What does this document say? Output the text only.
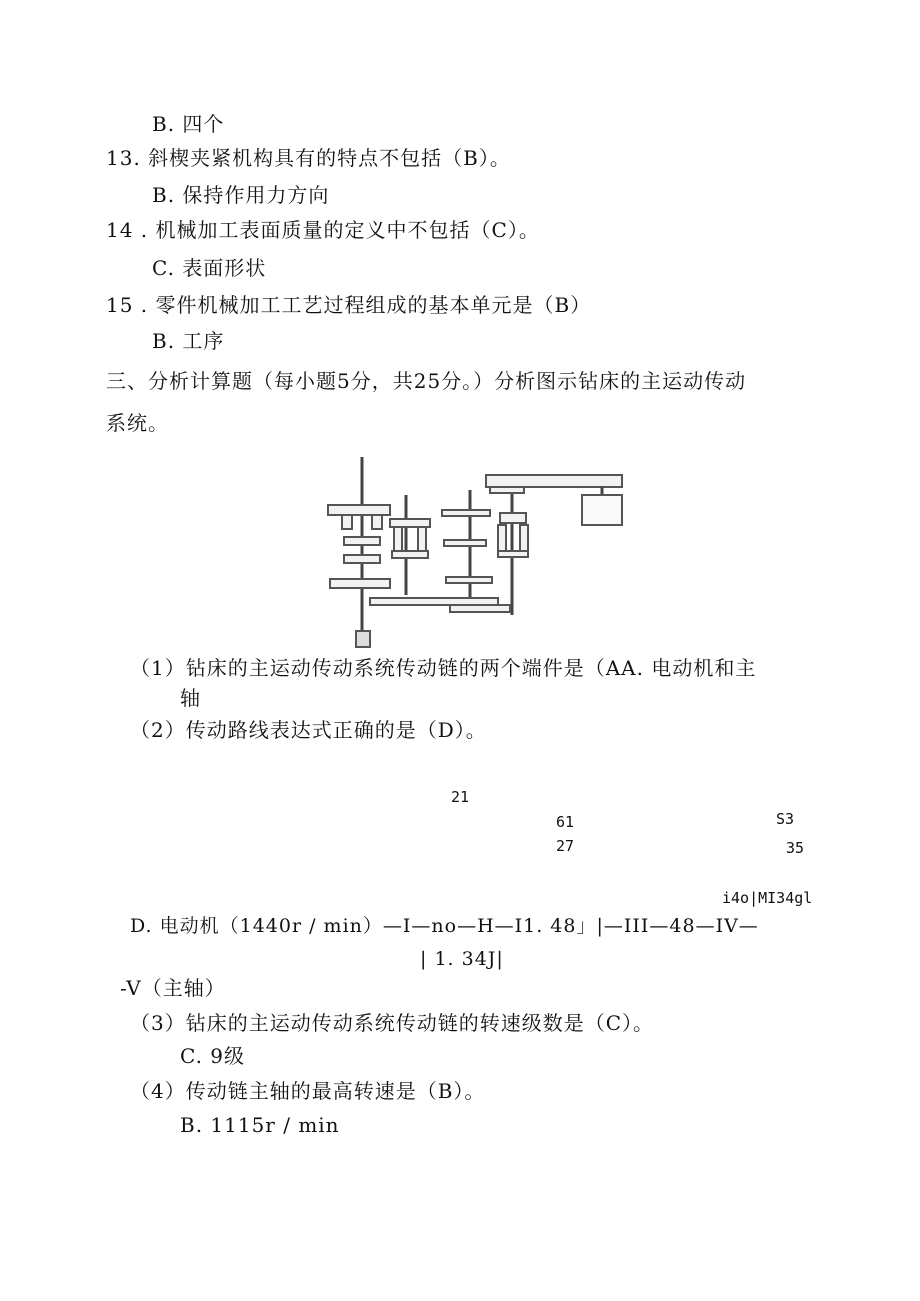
B. 四个
13. 斜楔夹紧机构具有的特点不包括（B）。
B. 保持作用力方向
14 . 机械加工表面质量的定义中不包括（C）。
C. 表面形状
15 . 零件机械加工工艺过程组成的基本单元是（B）
B. 工序
三、分析计算题（每小题5分，共25分。）分析图示钻床的主运动传动
系统。
（1）钻床的主运动传动系统传动链的两个端件是（AA. 电动机和主
轴
（2）传动路线表达式正确的是（D）。
21
61
27
S3
35
i4o|MI34gl
D. 电动机（1440r / min）—I—no—H—I1. 48」|—III—48—IV—
| 1. 34J|
-V（主轴）
（3）钻床的主运动传动系统传动链的转速级数是（C）。
C. 9级
（4）传动链主轴的最高转速是（B）。
B. 1115r / min
